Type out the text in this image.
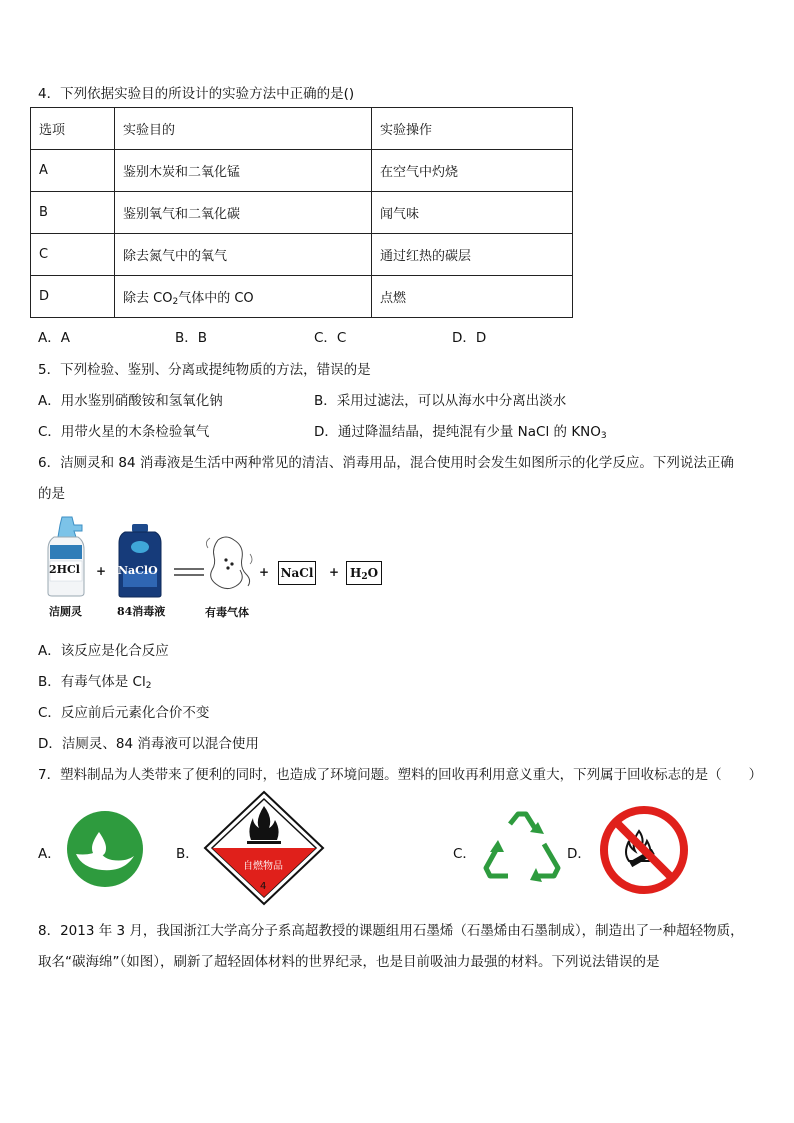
4．下列依据实验目的所设计的实验方法中正确的是()
选项	实验目的	实验操作
A	鉴别木炭和二氧化锰	在空气中灼烧
B	鉴别氧气和二氧化碳	闻气味
C	除去氮气中的氧气	通过红热的碳层
D	除去 $CO_2$气体中的 CO	点燃
A．A	B．B	C．C	D．D
5．下列检验、鉴别、分离或提纯物质的方法，错误的是
A．用水鉴别硝酸铵和氢氧化钠	B．采用过滤法，可以从海水中分离出淡水
C．用带火星的木条检验氧气	D．通过降温结晶，提纯混有少量 NaCl 的 $KNO_3$
6．洁厕灵和 84 消毒液是生活中两种常见的清洁、消毒用品，混合使用时会发生如图所示的化学反应。下列说法正确
的是
2HCl
洁厕灵
+ NaClO
84消毒液	有毒气体
+ NaCl + $H_2O$
A．该反应是化合反应
B．有毒气体是 $Cl_2$
C．反应前后元素化合价不变
D．洁厕灵、84 消毒液可以混合使用
7．塑料制品为人类带来了便利的同时，也造成了环境问题。塑料的回收再利用意义重大，下列属于回收标志的是（　　）
A．	B．
自燃物品
4
C．	D．
8．2013 年 3 月，我国浙江大学高分子系高超教授的课题组用石墨烯（石墨烯由石墨制成），制造出了一种超轻物质，
取名“碳海绵”（如图），刷新了超轻固体材料的世界纪录，也是目前吸油力最强的材料。下列说法错误的是
